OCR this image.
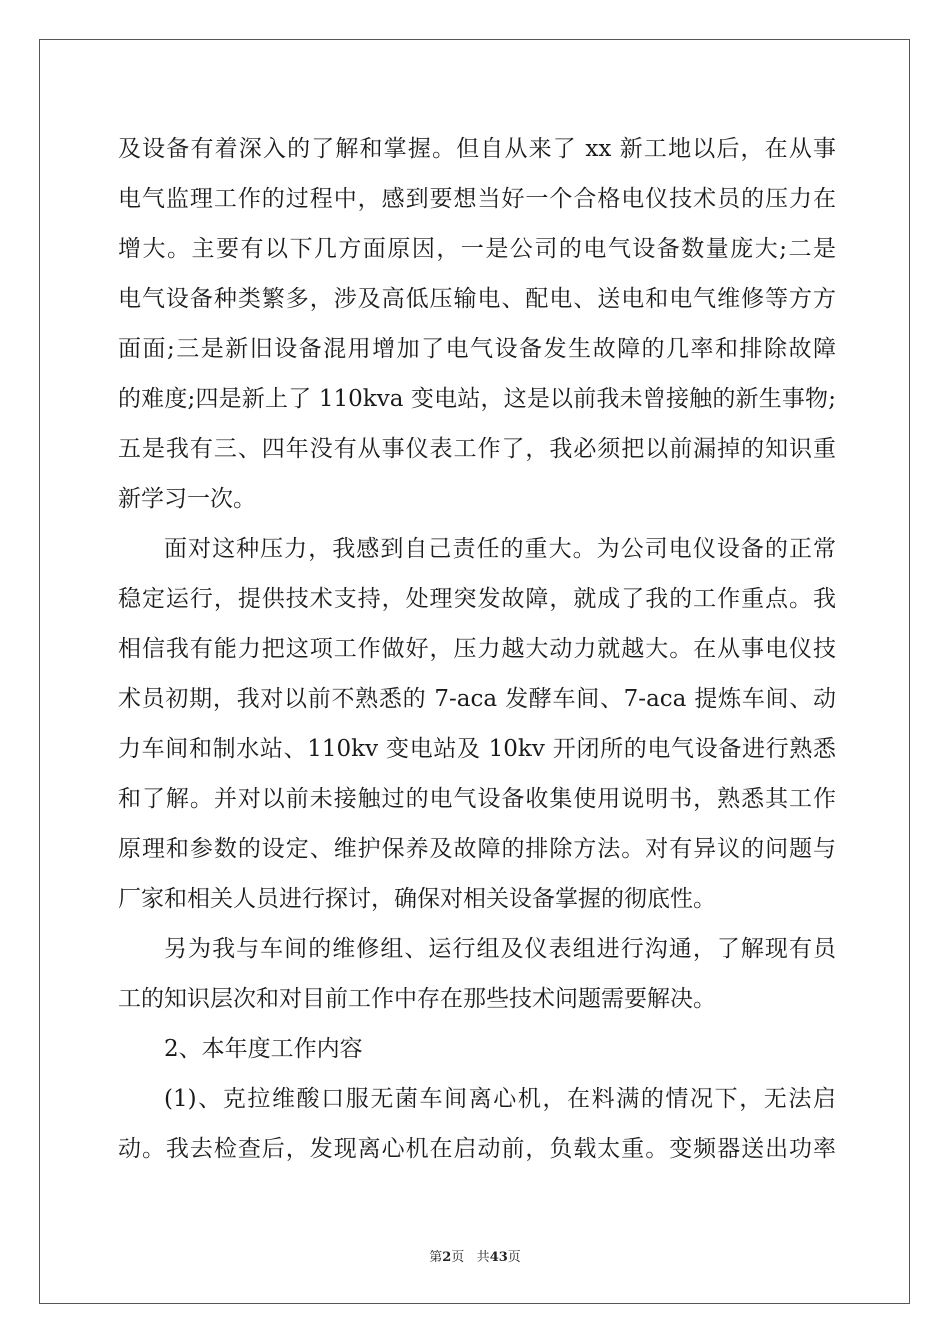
及设备有着深入的了解和掌握。但自从来了 xx 新工地以后，在从事
电气监理工作的过程中，感到要想当好一个合格电仪技术员的压力在
增大。主要有以下几方面原因，一是公司的电气设备数量庞大;二是
电气设备种类繁多，涉及高低压输电、配电、送电和电气维修等方方
面面;三是新旧设备混用增加了电气设备发生故障的几率和排除故障
的难度;四是新上了 110kva 变电站，这是以前我未曾接触的新生事物;
五是我有三、四年没有从事仪表工作了，我必须把以前漏掉的知识重
新学习一次。
面对这种压力，我感到自己责任的重大。为公司电仪设备的正常
稳定运行，提供技术支持，处理突发故障，就成了我的工作重点。我
相信我有能力把这项工作做好，压力越大动力就越大。在从事电仪技
术员初期，我对以前不熟悉的 7-aca 发酵车间、7-aca 提炼车间、动
力车间和制水站、110kv 变电站及 10kv 开闭所的电气设备进行熟悉
和了解。并对以前未接触过的电气设备收集使用说明书，熟悉其工作
原理和参数的设定、维护保养及故障的排除方法。对有异议的问题与
厂家和相关人员进行探讨，确保对相关设备掌握的彻底性。
另为我与车间的维修组、运行组及仪表组进行沟通，了解现有员
工的知识层次和对目前工作中存在那些技术问题需要解决。
2、本年度工作内容
(1)、克拉维酸口服无菌车间离心机，在料满的情况下，无法启
动。我去检查后，发现离心机在启动前，负载太重。变频器送出功率
第2页 共43页
